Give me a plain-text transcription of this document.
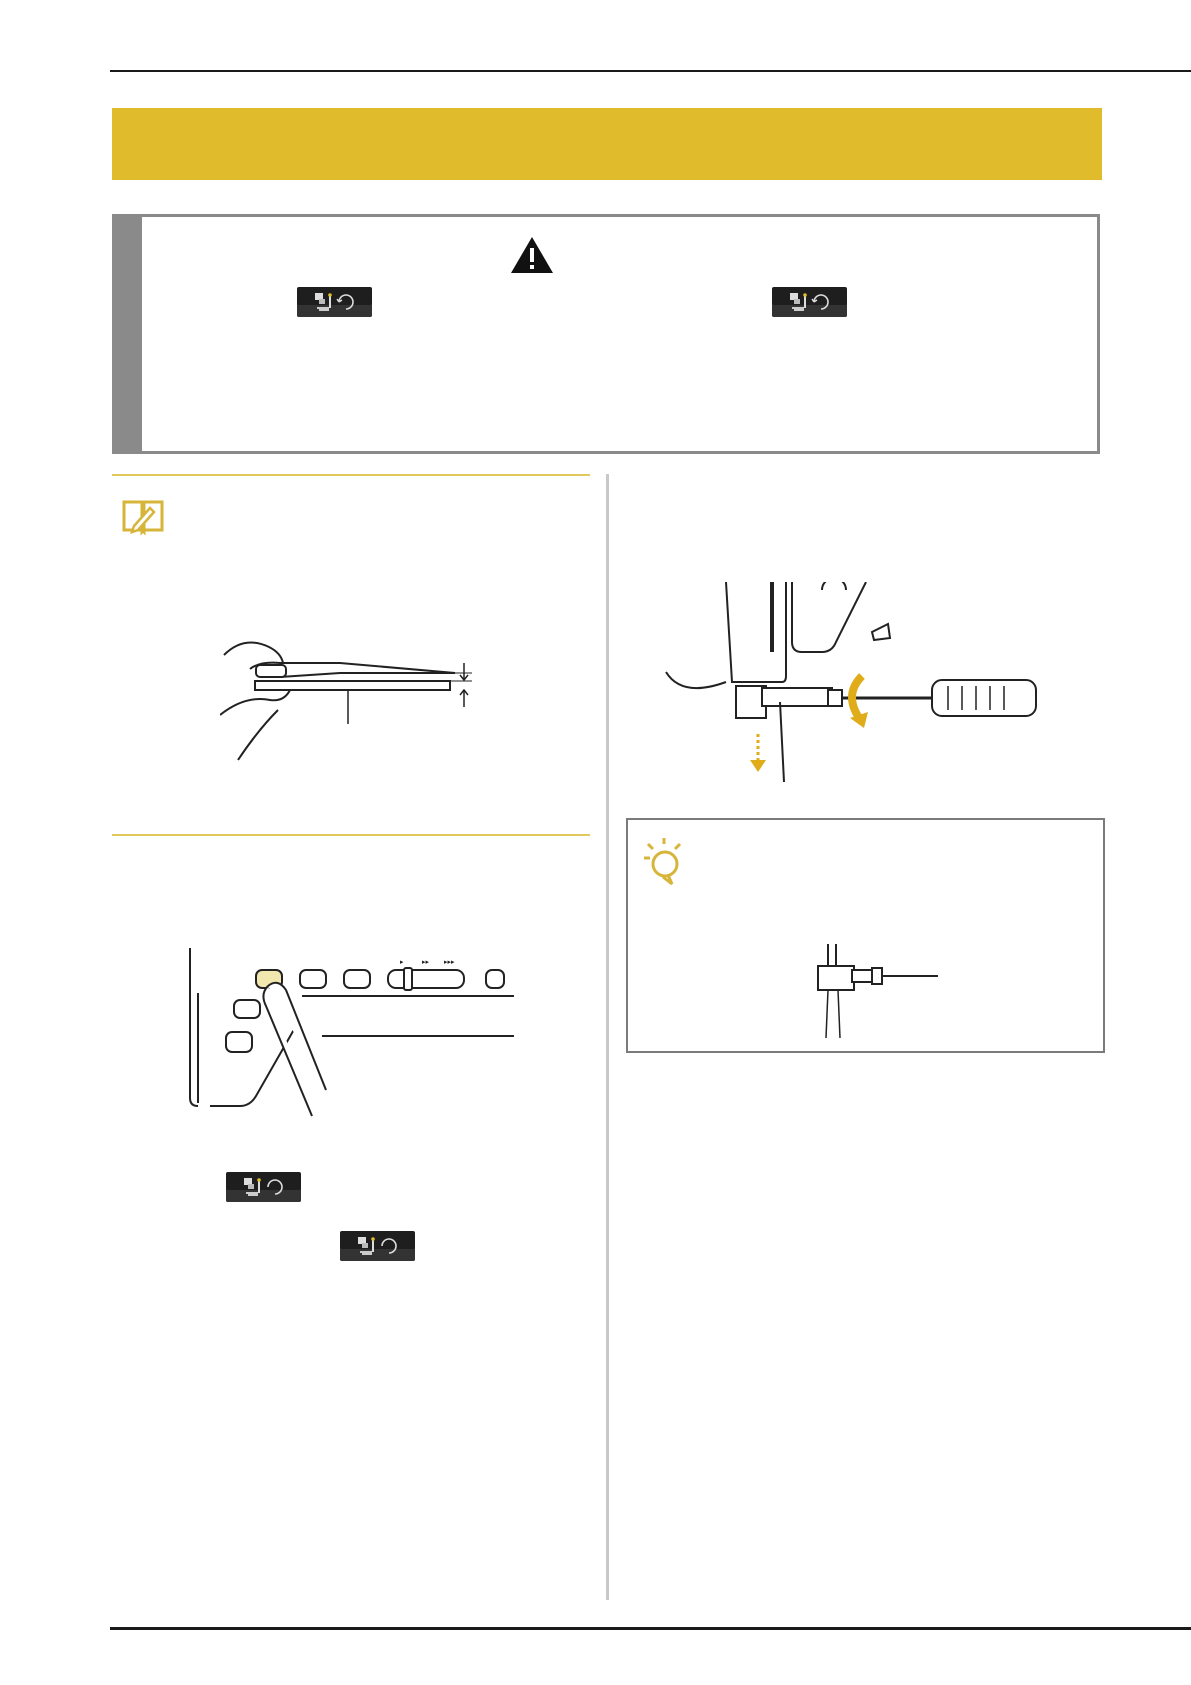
▸	▸▸ ▸▸▸
